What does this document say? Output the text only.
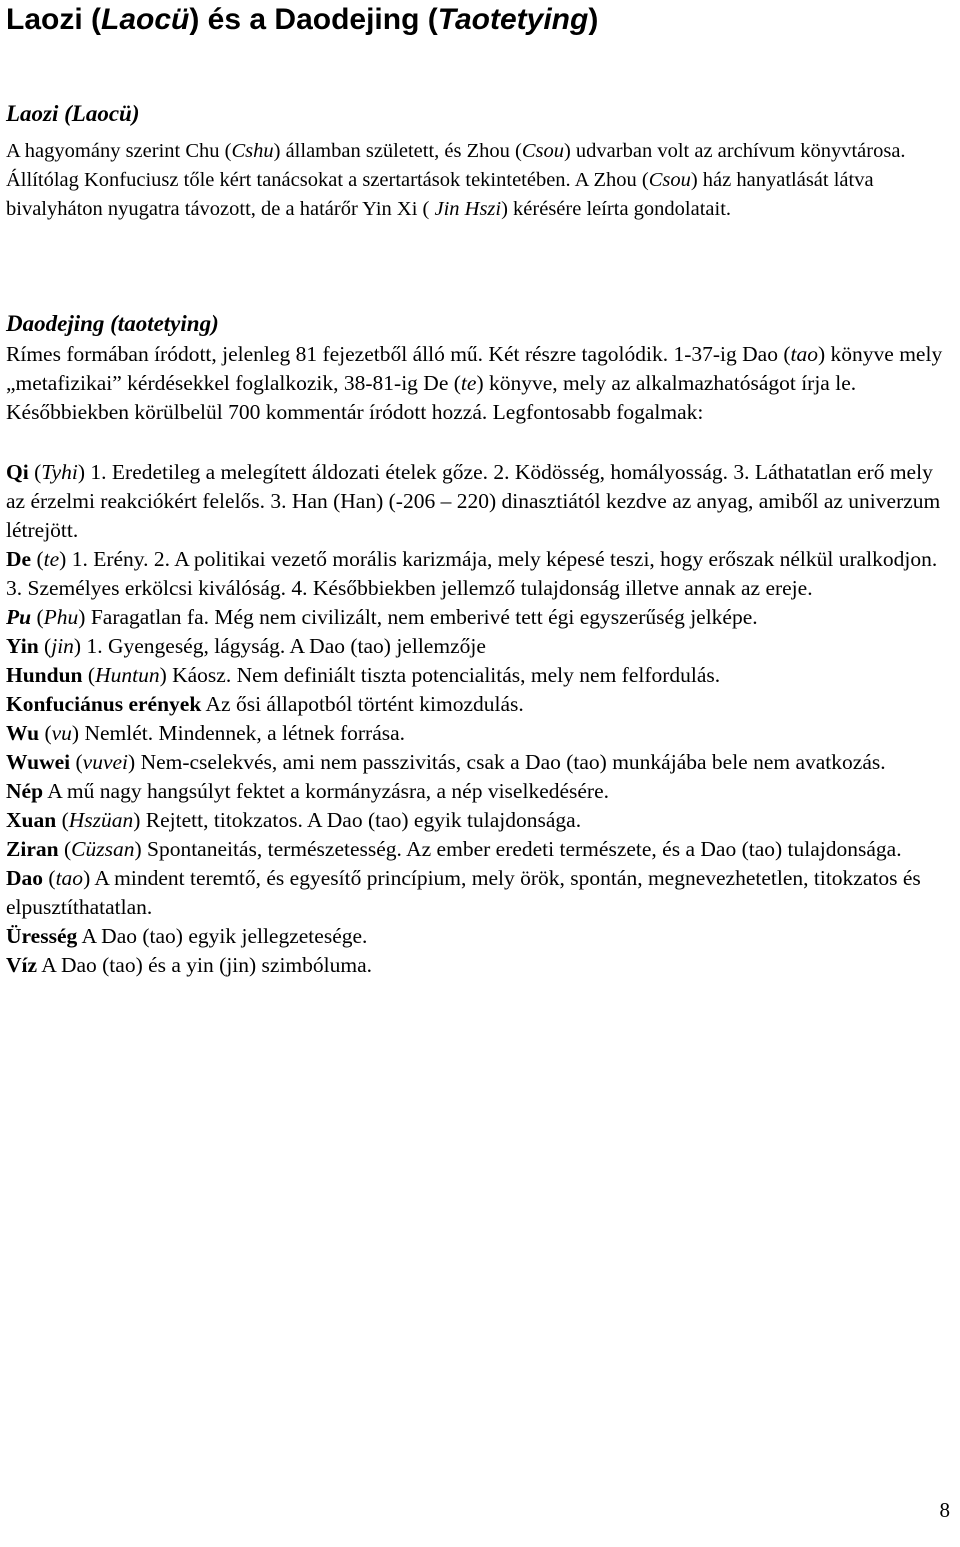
Laozi (Laocü) és a Daodejing (Taotetying)
Laozi (Laocü)

A hagyomány szerint Chu (Cshu) államban született, és Zhou (Csou) udvarban volt az archívum könyvtárosa. Állítólag Konfuciusz tőle kért tanácsokat a szertartások tekintetében. A Zhou (Csou) ház hanyatlását látva bivalyháton nyugatra távozott, de a határőr Yin Xi ( Jin Hszi) kérésére leírta gondolatait.

Daodejing (taotetying)

Rímes formában íródott, jelenleg 81 fejezetből álló mű. Két részre tagolódik. 1-37-ig Dao (tao) könyve mely „metafizikai” kérdésekkel foglalkozik, 38-81-ig De (te) könyve, mely az alkalmazhatóságot írja le. Későbbiekben körülbelül 700 kommentár íródott hozzá. Legfontosabb fogalmak:

Qi (Tyhi) 1. Eredetileg a melegített áldozati ételek gőze. 2. Ködösség, homályosság. 3. Láthatatlan erő mely az érzelmi reakciókért felelős. 3. Han (Han) (-206 – 220) dinasztiától kezdve az anyag, amiből az univerzum létrejött.
De (te) 1. Erény. 2. A politikai vezető morális karizmája, mely képesé teszi, hogy erőszak nélkül uralkodjon. 3. Személyes erkölcsi kiválóság. 4. Későbbiekben jellemző tulajdonság illetve annak az ereje.
Pu (Phu) Faragatlan fa. Még nem civilizált, nem emberivé tett égi egyszerűség jelképe.
Yin (jin) 1. Gyengeség, lágyság. A Dao (tao) jellemzője
Hundun (Huntun) Káosz. Nem definiált tiszta potencialitás, mely nem felfordulás.
Konfuciánus erények Az ősi állapotból történt kimozdulás.
Wu (vu) Nemlét. Mindennek, a létnek forrása.
Wuwei (vuvei) Nem-cselekvés, ami nem passzivitás, csak a Dao (tao) munkájába bele nem avatkozás.
Nép A mű nagy hangsúlyt fektet a kormányzásra, a nép viselkedésére.
Xuan (Hszüan) Rejtett, titokzatos. A Dao (tao) egyik tulajdonsága.
Ziran (Cüzsan) Spontaneitás, természetesség. Az ember eredeti természete, és a Dao (tao) tulajdonsága.
Dao (tao) A mindent teremtő, és egyesítő princípium, mely örök, spontán, megnevezhetetlen, titokzatos és elpusztíthatatlan.
Üresség A Dao (tao) egyik jellegzetesége.
Víz A Dao (tao) és a yin (jin) szimbóluma.
8
